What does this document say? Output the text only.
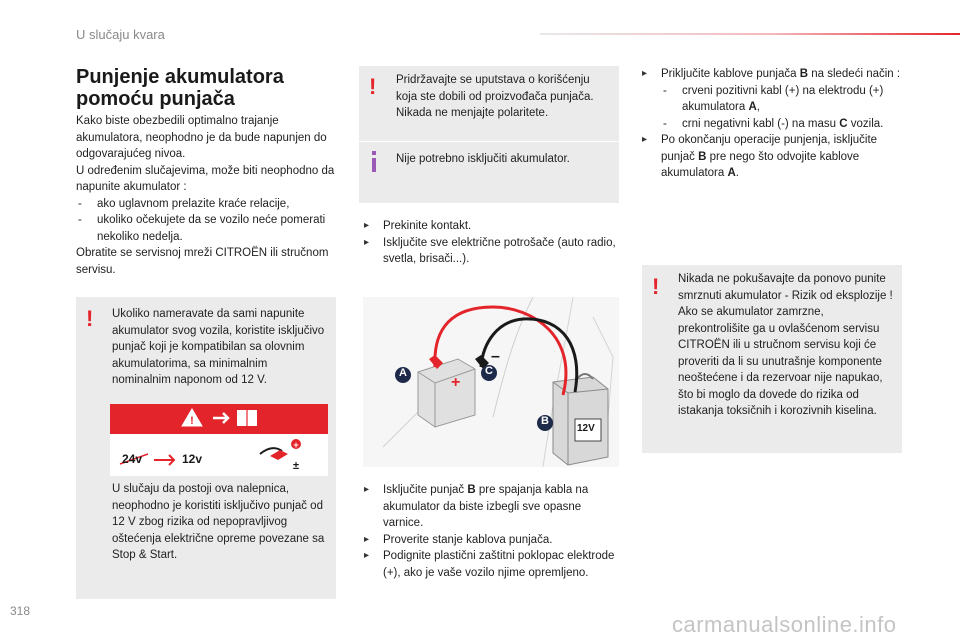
U slučaju kvara
Punjenje akumulatora
pomoću punjača

Kako biste obezbedili optimalno trajanje akumulatora, neophodno je da bude napunjen do odgovarajućeg nivoa.

U određenim slučajevima, može biti neophodno da napunite akumulator :

- ako uglavnom prelazite kraće relacije,
- ukoliko očekujete da se vozilo neće pomerati nekoliko nedelja.

Obratite se servisnoj mreži CITROËN ili stručnom servisu.

! Ukoliko nameravate da sami napunite akumulator svog vozila, koristite isključivo punjač koji je kompatibilan sa olovnim akumulatorima, sa minimalnim nominalnim naponom od 12 V.
!
+
±
24v	12v
U slučaju da postoji ova nalepnica, neophodno je koristiti isključivo punjač od 12 V zbog rizika od nepopravljivog oštećenja električne opreme povezane sa Stop & Start.
! Pridržavajte se uputstava o korišćenju koja ste dobili od proizvođača punjača. Nikada ne menjajte polaritete.
Nije potrebno isključiti akumulator.
▸ Prekinite kontakt.
▸ Isključite sve električne potrošače (auto radio, svetla, brisači...).
+
–
A	C
B
12V
▸ Isključite punjač B pre spajanja kabla na akumulator da biste izbegli sve opasne varnice.
▸ Proverite stanje kablova punjača.
▸ Podignite plastični zaštitni poklopac elektrode (+), ako je vaše vozilo njime opremljeno.
▸ Priključite kablove punjača B na sledeći način :
- crveni pozitivni kabl (+) na elektrodu (+) akumulatora A,
- crni negativni kabl (-) na masu C vozila.
▸ Po okončanju operacije punjenja, isključite punjač B pre nego što odvojite kablove akumulatora A.
! Nikada ne pokušavajte da ponovo punite smrznuti akumulator - Rizik od eksplozije !

Ako se akumulator zamrzne, prekontrolišite ga u ovlašćenom servisu CITROËN ili u stručnom servisu koji će proveriti da li su unutrašnje komponente neoštećene i da rezervoar nije napukao, što bi moglo da dovede do rizika od istakanja toksičnih i korozivnih kiselina.

318
carmanualsonline.info
